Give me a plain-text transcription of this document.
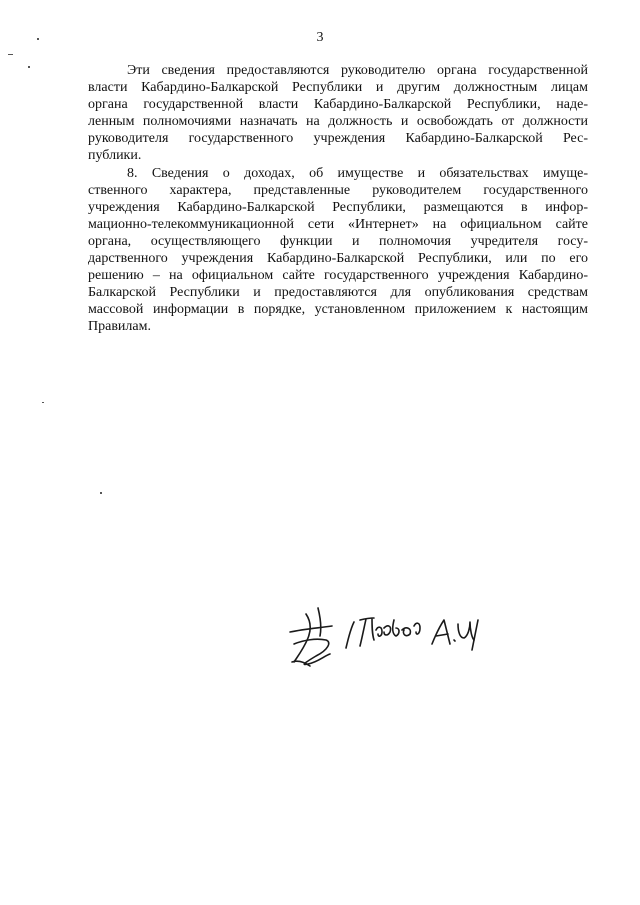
3
Эти сведения предоставляются руководителю органа государственной
власти Кабардино-Балкарской Республики и другим должностным лицам
органа государственной власти Кабардино-Балкарской Республики, наде-
ленным полномочиями назначать на должность и освобождать от должности
руководителя государственного учреждения Кабардино-Балкарской Рес-
публики.
8. Сведения о доходах, об имуществе и обязательствах имуще-
ственного характера, представленные руководителем государственного
учреждения Кабардино-Балкарской Республики, размещаются в инфор-
мационно-телекоммуникационной сети «Интернет» на официальном сайте
органа, осуществляющего функции и полномочия учредителя госу-
дарственного учреждения Кабардино-Балкарской Республики, или по его
решению – на официальном сайте государственного учреждения Кабардино-
Балкарской Республики и предоставляются для опубликования средствам
массовой информации в порядке, установленном приложением к настоящим
Правилам.
